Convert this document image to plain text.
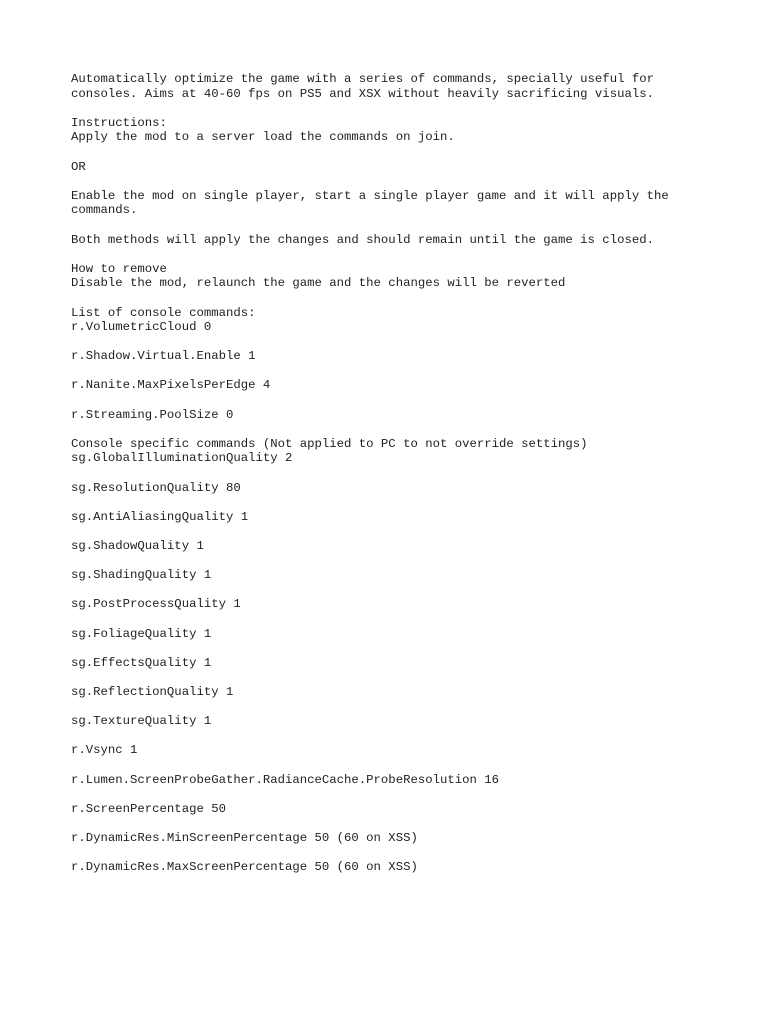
Automatically optimize the game with a series of commands, specially useful for
consoles. Aims at 40-60 fps on PS5 and XSX without heavily sacrificing visuals.

Instructions:
Apply the mod to a server load the commands on join.

OR

Enable the mod on single player, start a single player game and it will apply the
commands.

Both methods will apply the changes and should remain until the game is closed.

How to remove
Disable the mod, relaunch the game and the changes will be reverted

List of console commands:
r.VolumetricCloud 0

r.Shadow.Virtual.Enable 1

r.Nanite.MaxPixelsPerEdge 4

r.Streaming.PoolSize 0

Console specific commands (Not applied to PC to not override settings)
sg.GlobalIlluminationQuality 2

sg.ResolutionQuality 80

sg.AntiAliasingQuality 1

sg.ShadowQuality 1

sg.ShadingQuality 1

sg.PostProcessQuality 1

sg.FoliageQuality 1

sg.EffectsQuality 1

sg.ReflectionQuality 1

sg.TextureQuality 1

r.Vsync 1

r.Lumen.ScreenProbeGather.RadianceCache.ProbeResolution 16

r.ScreenPercentage 50

r.DynamicRes.MinScreenPercentage 50 (60 on XSS)

r.DynamicRes.MaxScreenPercentage 50 (60 on XSS)
